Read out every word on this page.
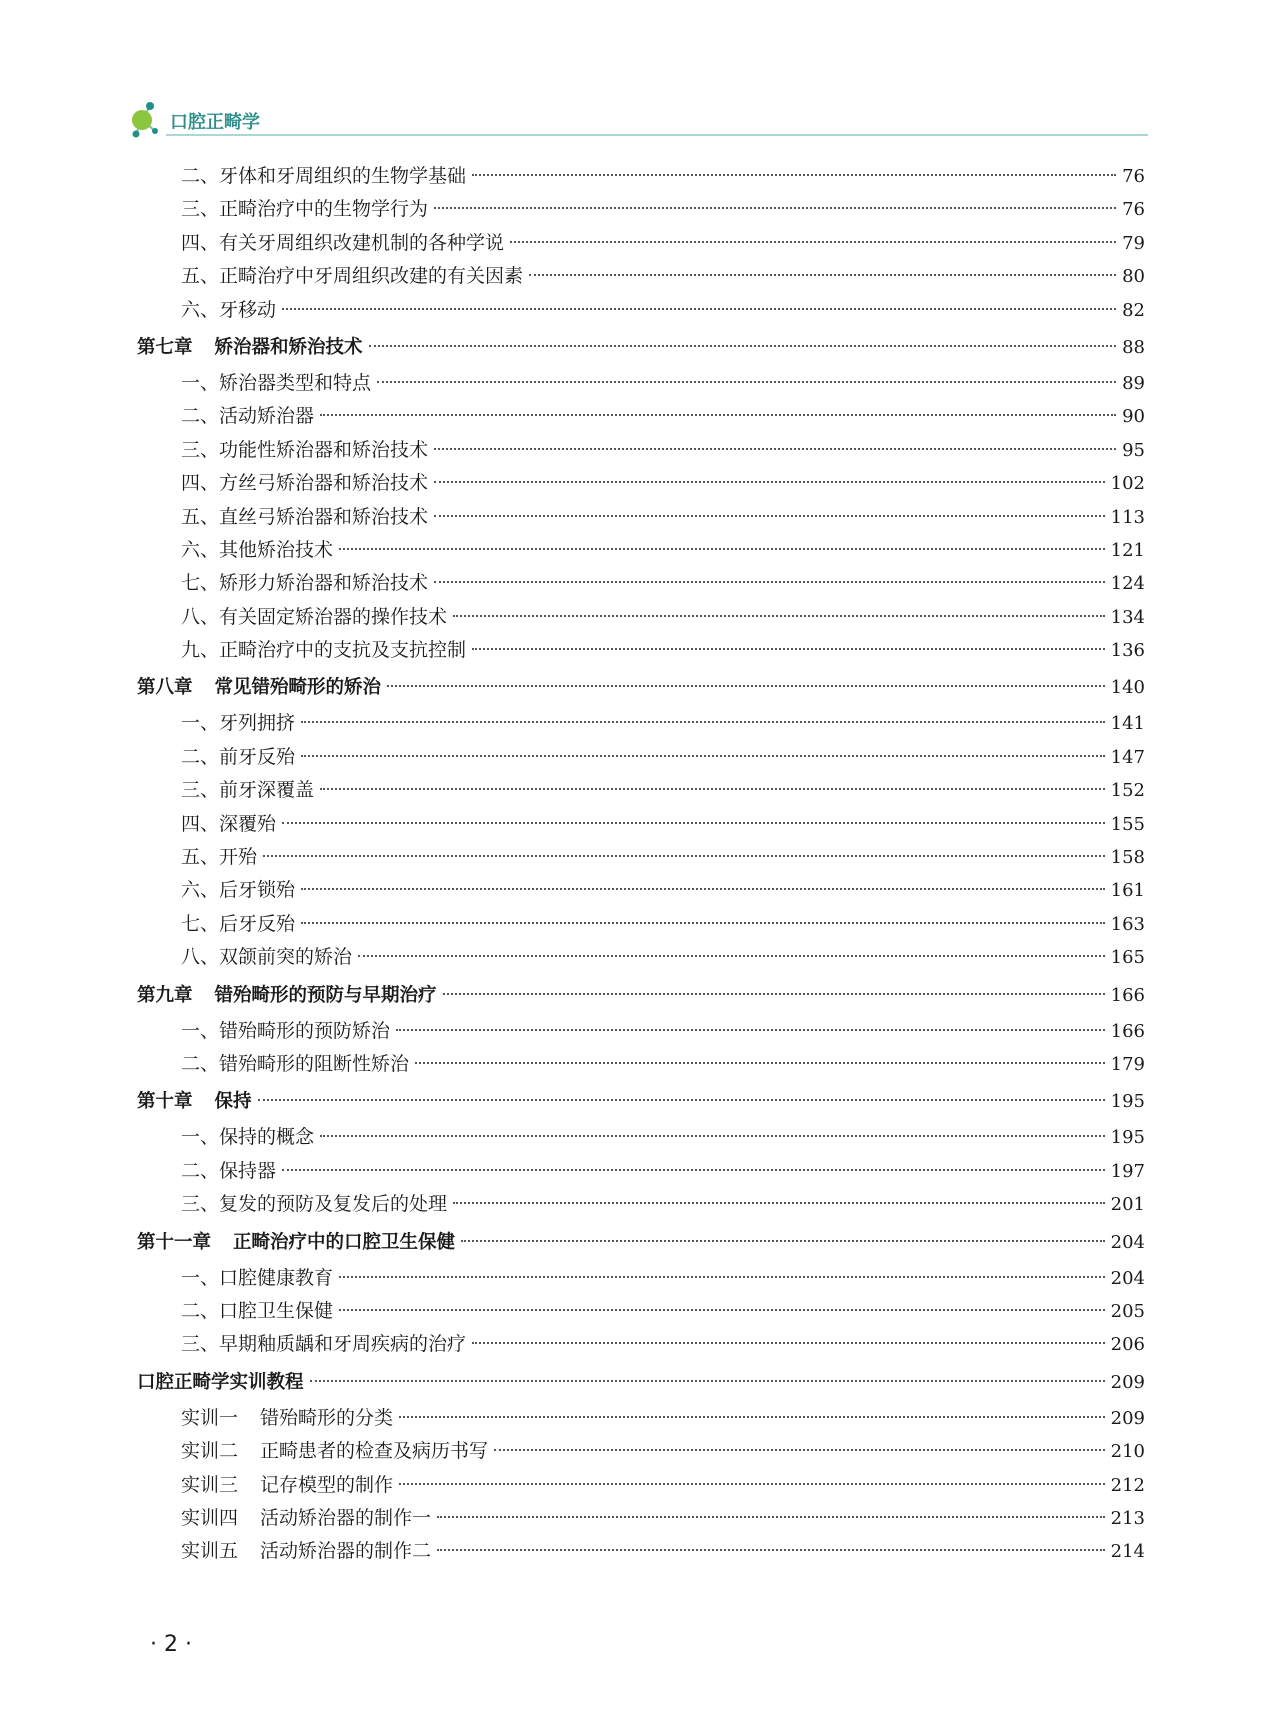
口腔正畸学
二、牙体和牙周组织的生物学基础	76
三、正畸治疗中的生物学行为	76
四、有关牙周组织改建机制的各种学说	79
五、正畸治疗中牙周组织改建的有关因素	80
六、牙移动	82
第七章 矫治器和矫治技术	88
一、矫治器类型和特点	89
二、活动矫治器	90
三、功能性矫治器和矫治技术	95
四、方丝弓矫治器和矫治技术	102
五、直丝弓矫治器和矫治技术	113
六、其他矫治技术	121
七、矫形力矫治器和矫治技术	124
八、有关固定矫治器的操作技术	134
九、正畸治疗中的支抗及支抗控制	136
第八章 常见错殆畸形的矫治	140
一、牙列拥挤	141
二、前牙反殆	147
三、前牙深覆盖	152
四、深覆殆	155
五、开殆	158
六、后牙锁殆	161
七、后牙反殆	163
八、双颌前突的矫治	165
第九章 错殆畸形的预防与早期治疗	166
一、错殆畸形的预防矫治	166
二、错殆畸形的阻断性矫治	179
第十章 保持	195
一、保持的概念	195
二、保持器	197
三、复发的预防及复发后的处理	201
第十一章 正畸治疗中的口腔卫生保健	204
一、口腔健康教育	204
二、口腔卫生保健	205
三、早期釉质龋和牙周疾病的治疗	206
口腔正畸学实训教程	209
实训一 错殆畸形的分类	209
实训二 正畸患者的检查及病历书写	210
实训三 记存模型的制作	212
实训四 活动矫治器的制作一	213
实训五 活动矫治器的制作二	214
· 2 ·
